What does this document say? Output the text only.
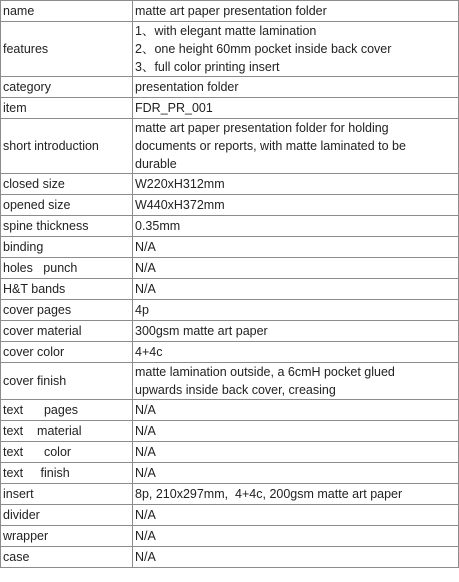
name	matte art paper presentation folder

features	1、with elegant matte lamination
2、one height 60mm pocket inside back cover
3、full color printing insert

category	presentation folder

item	FDR_PR_001

short introduction	matte art paper presentation folder for holding
documents or reports, with matte laminated to be
durable

closed size	W220xH312mm

opened size	W440xH372mm

spine thickness	0.35mm

binding	N/A

holes   punch	N/A

H&T bands	N/A

cover pages	4p

cover material	300gsm matte art paper

cover color	4+4c

cover finish	matte lamination outside, a 6cmH pocket glued
upwards inside back cover, creasing

text      pages	N/A

text    material	N/A

text      color	N/A

text     finish	N/A

insert	8p, 210x297mm,  4+4c, 200gsm matte art paper

divider	N/A

wrapper	N/A

case	N/A
